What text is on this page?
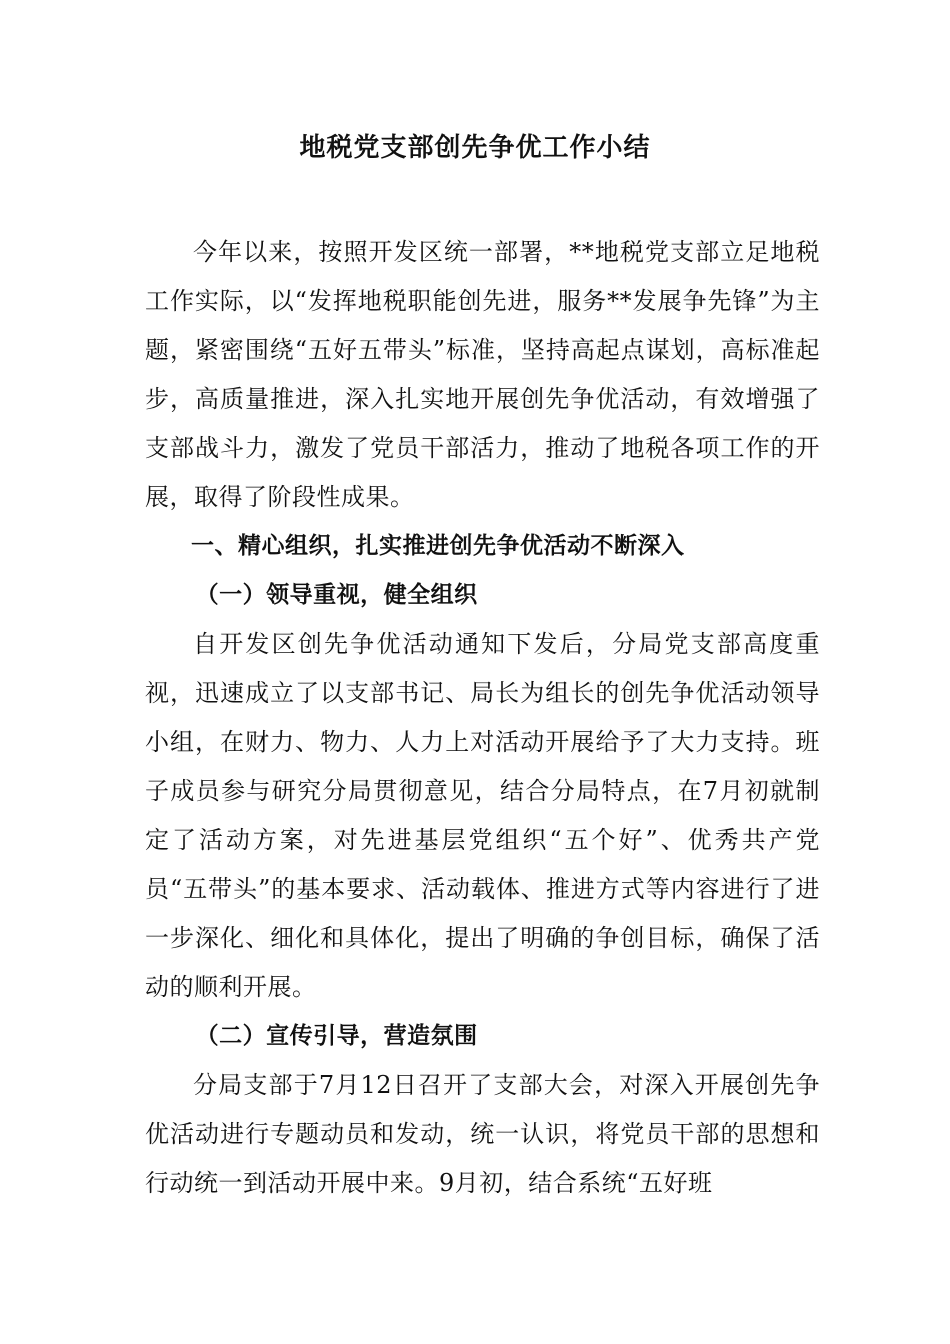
地税党支部创先争优工作小结

今年以来，按照开发区统一部署，**地税党支部立足地税工作实际，以“发挥地税职能创先进，服务**发展争先锋”为主题，紧密围绕“五好五带头”标准，坚持高起点谋划，高标准起步，高质量推进，深入扎实地开展创先争优活动，有效增强了支部战斗力，激发了党员干部活力，推动了地税各项工作的开展，取得了阶段性成果。

一、精心组织，扎实推进创先争优活动不断深入

（一）领导重视，健全组织

自开发区创先争优活动通知下发后，分局党支部高度重视，迅速成立了以支部书记、局长为组长的创先争优活动领导小组，在财力、物力、人力上对活动开展给予了大力支持。班子成员参与研究分局贯彻意见，结合分局特点，在7月初就制定了活动方案，对先进基层党组织“五个好”、优秀共产党员“五带头”的基本要求、活动载体、推进方式等内容进行了进一步深化、细化和具体化，提出了明确的争创目标，确保了活动的顺利开展。

（二）宣传引导，营造氛围

分局支部于7月12日召开了支部大会，对深入开展创先争优活动进行专题动员和发动，统一认识，将党员干部的思想和行动统一到活动开展中来。9月初，结合系统“五好班
